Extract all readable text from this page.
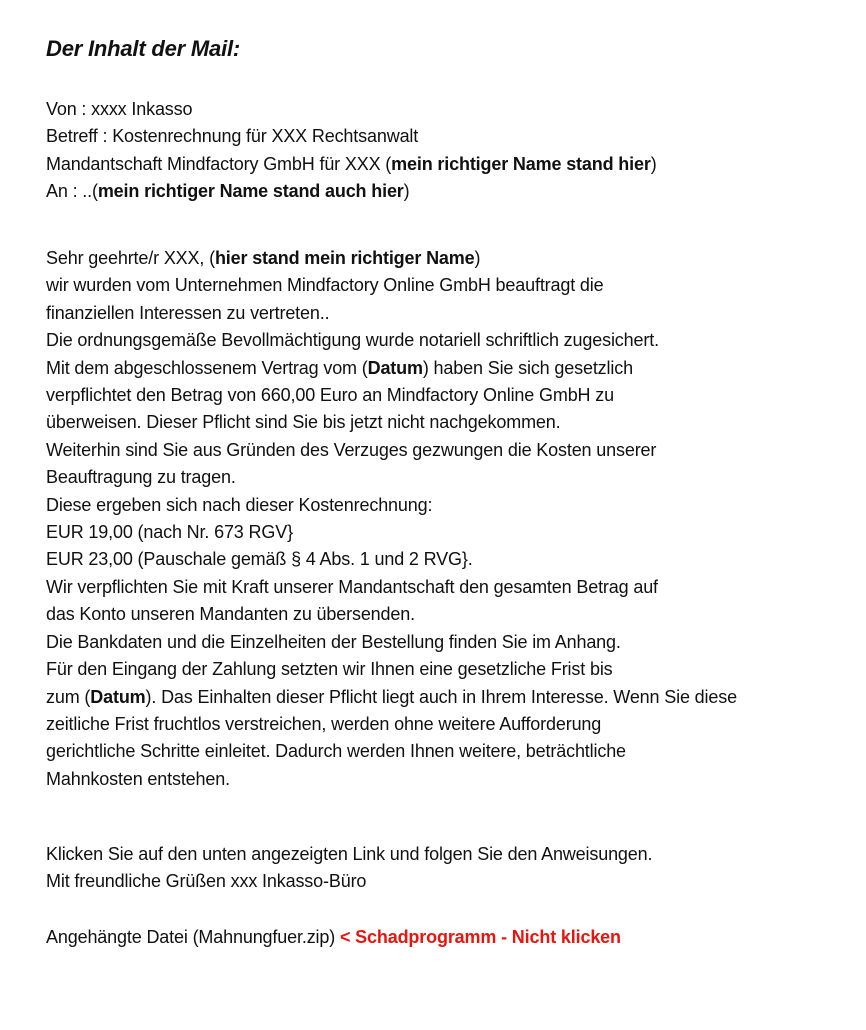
Der Inhalt der Mail:
Von : xxxx Inkasso
Betreff : Kostenrechnung für XXX Rechtsanwalt
Mandantschaft Mindfactory GmbH für XXX (mein richtiger Name stand hier)
An : ..(mein richtiger Name stand auch hier)
Sehr geehrte/r XXX, (hier stand mein richtiger Name)
wir wurden vom Unternehmen Mindfactory Online GmbH beauftragt die
finanziellen Interessen zu vertreten..
Die ordnungsgemäße Bevollmächtigung wurde notariell schriftlich zugesichert.
Mit dem abgeschlossenem Vertrag vom (Datum) haben Sie sich gesetzlich
verpflichtet den Betrag von 660,00 Euro an Mindfactory Online GmbH zu
überweisen. Dieser Pflicht sind Sie bis jetzt nicht nachgekommen.
Weiterhin sind Sie aus Gründen des Verzuges gezwungen die Kosten unserer
Beauftragung zu tragen.
Diese ergeben sich nach dieser Kostenrechnung:
EUR 19,00 (nach Nr. 673 RGV}
EUR 23,00 (Pauschale gemäß § 4 Abs. 1 und 2 RVG}.
Wir verpflichten Sie mit Kraft unserer Mandantschaft den gesamten Betrag auf
das Konto unseren Mandanten zu übersenden.
Die Bankdaten und die Einzelheiten der Bestellung finden Sie im Anhang.
Für den Eingang der Zahlung setzten wir Ihnen eine gesetzliche Frist bis
zum (Datum). Das Einhalten dieser Pflicht liegt auch in Ihrem Interesse. Wenn Sie diese
zeitliche Frist fruchtlos verstreichen, werden ohne weitere Aufforderung
gerichtliche Schritte einleitet. Dadurch werden Ihnen weitere, beträchtliche
Mahnkosten entstehen.
Klicken Sie auf den unten angezeigten Link und folgen Sie den Anweisungen.
Mit freundliche Grüßen xxx Inkasso-Büro
Angehängte Datei (Mahnungfuer.zip) < Schadprogramm - Nicht klicken
